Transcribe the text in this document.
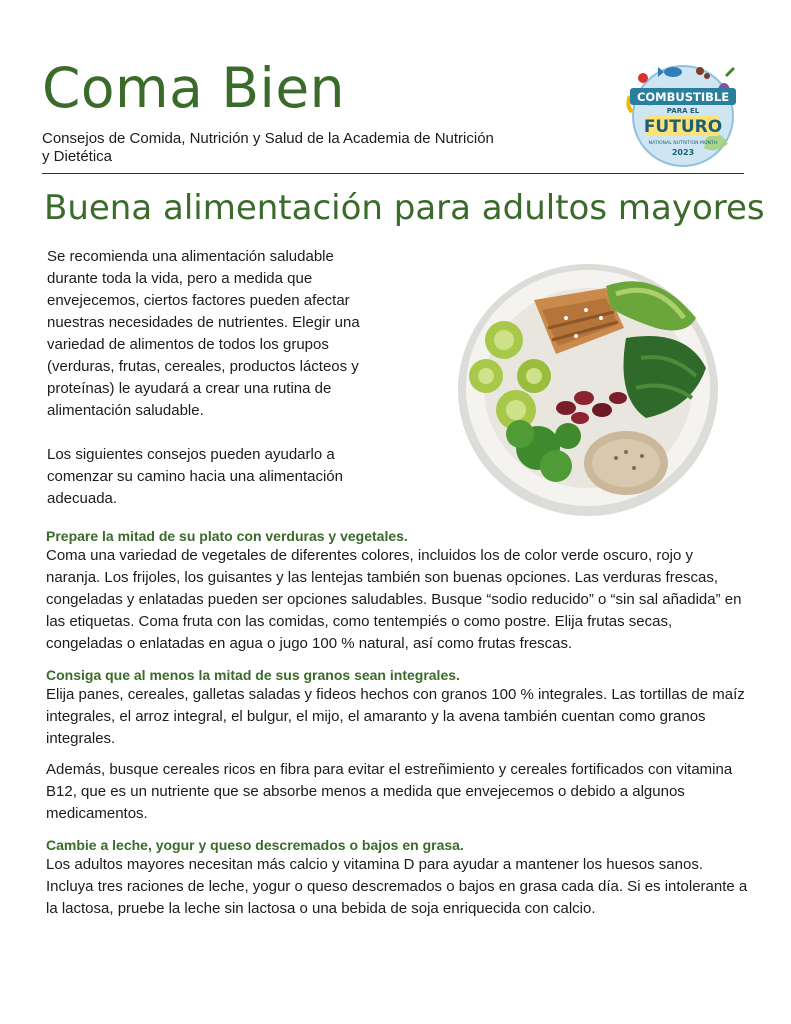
Coma Bien
Consejos de Comida, Nutrición y Salud de la Academia de Nutrición y Dietética
COMBUSTIBLE
PARA EL
FUTURO
NATIONAL NUTRITION MONTH
2023
Buena alimentación para adultos mayores

Se recomienda una alimentación saludable durante toda la vida, pero a medida que envejecemos, ciertos factores pueden afectar nuestras necesidades de nutrientes. Elegir una variedad de alimentos de todos los grupos (verduras, frutas, cereales, productos lácteos y proteínas) le ayudará a crear una rutina de alimentación saludable.

Los siguientes consejos pueden ayudarlo a comenzar su camino hacia una alimentación adecuada.

Prepare la mitad de su plato con verduras y vegetales.

Coma una variedad de vegetales de diferentes colores, incluidos los de color verde oscuro, rojo y naranja. Los frijoles, los guisantes y las lentejas también son buenas opciones. Las verduras frescas, congeladas y enlatadas pueden ser opciones saludables. Busque “sodio reducido” o “sin sal añadida” en las etiquetas. Coma fruta con las comidas, como tentempiés o como postre. Elija frutas secas, congeladas o enlatadas en agua o jugo 100 % natural, así como frutas frescas.

Consiga que al menos la mitad de sus granos sean integrales.

Elija panes, cereales, galletas saladas y fideos hechos con granos 100 % integrales. Las tortillas de maíz integrales, el arroz integral, el bulgur, el mijo, el amaranto y la avena también cuentan como granos integrales.

Además, busque cereales ricos en fibra para evitar el estreñimiento y cereales fortificados con vitamina B12, que es un nutriente que se absorbe menos a medida que envejecemos o debido a algunos medicamentos.

Cambie a leche, yogur y queso descremados o bajos en grasa.

Los adultos mayores necesitan más calcio y vitamina D para ayudar a mantener los huesos sanos. Incluya tres raciones de leche, yogur o queso descremados o bajos en grasa cada día. Si es intolerante a la lactosa, pruebe la leche sin lactosa o una bebida de soja enriquecida con calcio.
